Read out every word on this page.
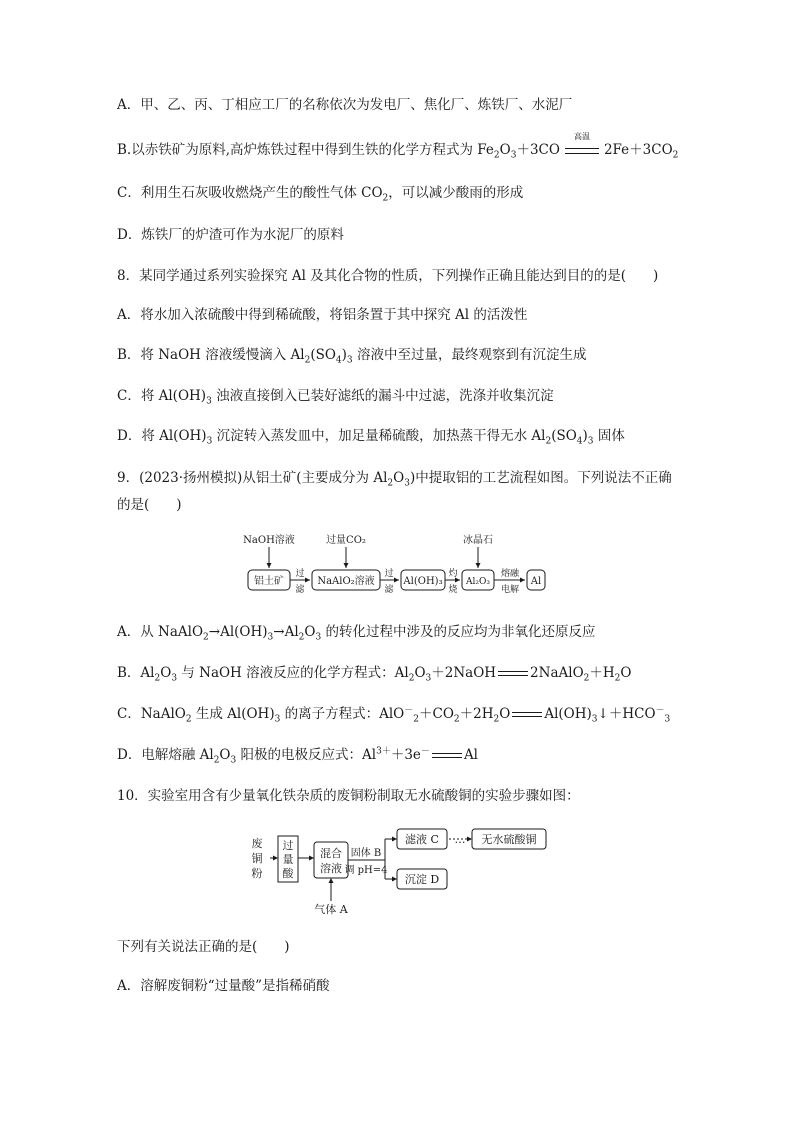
A．甲、乙、丙、丁相应工厂的名称依次为发电厂、焦化厂、炼铁厂、水泥厂
B.以赤铁矿为原料,高炉炼铁过程中得到生铁的化学方程式为 $Fe_2O_3+3CO$
高温
$2Fe+3CO_2$
C．利用生石灰吸收燃烧产生的酸性气体 $CO_2$，可以减少酸雨的形成
D．炼铁厂的炉渣可作为水泥厂的原料
8．某同学通过系列实验探究 Al 及其化合物的性质，下列操作正确且能达到目的的是(　　)
A．将水加入浓硫酸中得到稀硫酸，将铝条置于其中探究 Al 的活泼性
B．将 NaOH 溶液缓慢滴入 $Al_2(SO_4)_3$ 溶液中至过量，最终观察到有沉淀生成
C．将 $Al(OH)_3$ 浊液直接倒入已装好滤纸的漏斗中过滤，洗涤并收集沉淀
D．将 $Al(OH)_3$ 沉淀转入蒸发皿中，加足量稀硫酸，加热蒸干得无水 $Al_2(SO_4)_3$ 固体
9．(2023·扬州模拟)从铝土矿(主要成分为 $Al_2O_3$)中提取铝的工艺流程如图。下列说法不正确
的是(　　)
NaOH溶液	过量CO₂	冰晶石
铝土矿	NaAlO₂溶液	Al(OH)₃	Al₂O₃	Al
过
滤
过
滤
灼
烧
熔融
电解
A．从 $NaAlO_2\to Al(OH)_3\to Al_2O_3$ 的转化过程中涉及的反应均为非氧化还原反应
B．$Al_2O_3$ 与 NaOH 溶液反应的化学方程式：$Al_2O_3+2NaOH$	$2NaAlO_2+H_2O$
C．NaAlO$_2$ 生成 $Al(OH)_3$ 的离子方程式：$AlO^-_2+CO_2+2H_2O$	$Al(OH)_3↓+HCO^-_3$
D．电解熔融 $Al_2O_3$ 阳极的电极反应式：$Al^{3+}+3e^-$	Al
10．实验室用含有少量氧化铁杂质的废铜粉制取无水硫酸铜的实验步骤如图：
废
铜
粉
过
量
酸
混合
溶液
气体 A
固体 B
调 pH=4
滤液 C … 无水硫酸铜
沉淀 D
下列有关说法正确的是(　　)
A．溶解废铜粉“过量酸”是指稀硝酸
